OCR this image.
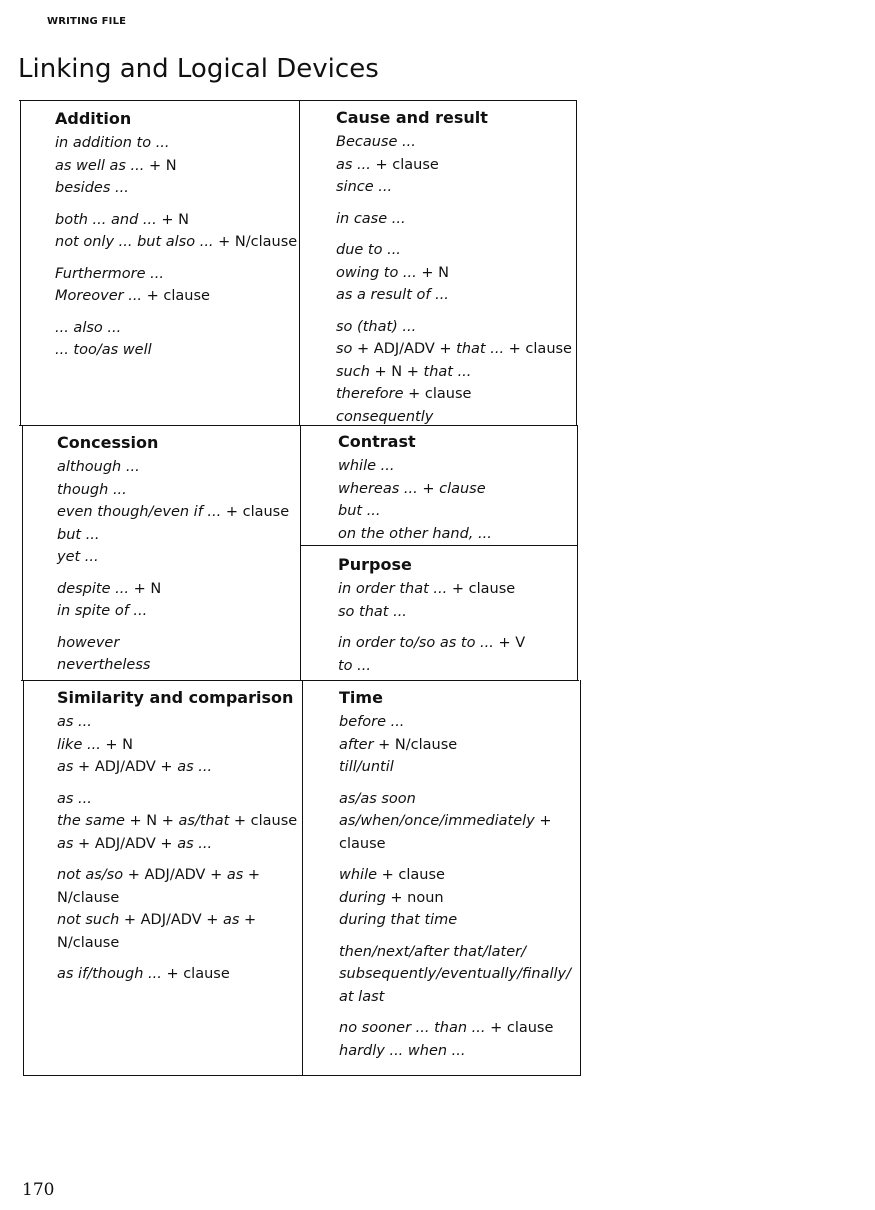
WRITING FILE
Linking and Logical Devices
Addition
in addition to ...
as well as ... + N
besides ...
both ... and ... + N
not only ... but also ... + N/clause
Furthermore ...
Moreover ... + clause
... also ...
... too/as well
Cause and result
Because ...
as ... + clause
since ...
in case ...
due to ...
owing to ... + N
as a result of ...
so (that) ...
so + ADJ/ADV + that ... + clause
such + N + that ...
therefore + clause
consequently
Concession
although ...
though ...
even though/even if ... + clause
but ...
yet ...
despite ... + N
in spite of ...
however
nevertheless
Contrast
while ...
whereas ... + clause
but ...
on the other hand, ...
Purpose
in order that ... + clause
so that ...
in order to/so as to ... + V
to ...
Similarity and comparison
as ...
like ... + N
as + ADJ/ADV + as ...
as ...
the same + N + as/that + clause
as + ADJ/ADV + as ...
not as/so + ADJ/ADV + as +
N/clause
not such + ADJ/ADV + as +
N/clause
as if/though ... + clause
Time
before ...
after + N/clause
till/until
as/as soon
as/when/once/immediately +
clause
while + clause
during + noun
during that time
then/next/after that/later/
subsequently/eventually/finally/
at last
no sooner ... than ... + clause
hardly ... when ...
170
